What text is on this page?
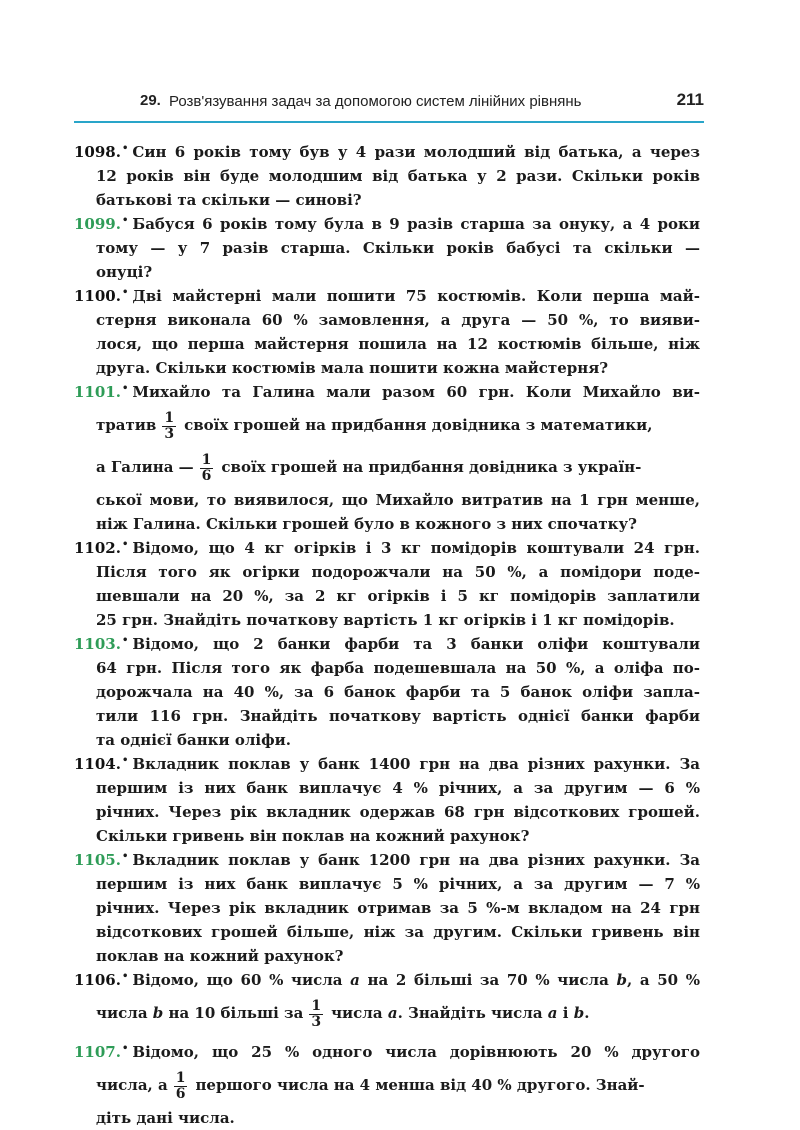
29. Розв'язування задач за допомогою систем лінійних рівнянь	211
1098.• Син 6 років тому був у 4 рази молодший від батька, а через
12 років він буде молодшим від батька у 2 рази. Скільки років
батькові та скільки — синові?
1099.• Бабуся 6 років тому була в 9 разів старша за онуку, а 4 роки
тому — у 7 разів старша. Скільки років бабусі та скільки —
онуці?
1100.• Дві майстерні мали пошити 75 костюмів. Коли перша май-
стерня виконала 60 % замовлення, а друга — 50 %, то вияви-
лося, що перша майстерня пошила на 12 костюмів більше, ніж
друга. Скільки костюмів мала пошити кожна майстерня?
1101.• Михайло та Галина мали разом 60 грн. Коли Михайло ви-
тратив $\frac{1}{3}$ своїх грошей на придбання довідника з математики,
а Галина — $\frac{1}{6}$ своїх грошей на придбання довідника з україн-
ської мови, то виявилося, що Михайло витратив на 1 грн менше,
ніж Галина. Скільки грошей було в кожного з них спочатку?
1102.• Відомо, що 4 кг огірків і 3 кг помідорів коштували 24 грн.
Після того як огірки подорожчали на 50 %, а помідори поде-
шевшали на 20 %, за 2 кг огірків і 5 кг помідорів заплатили
25 грн. Знайдіть початкову вартість 1 кг огірків і 1 кг помідорів.
1103.• Відомо, що 2 банки фарби та 3 банки оліфи коштували
64 грн. Після того як фарба подешевшала на 50 %, а оліфа по-
дорожчала на 40 %, за 6 банок фарби та 5 банок оліфи запла-
тили 116 грн. Знайдіть початкову вартість однієї банки фарби
та однієї банки оліфи.
1104.• Вкладник поклав у банк 1400 грн на два різних рахунки. За
першим із них банк виплачує 4 % річних, а за другим — 6 %
річних. Через рік вкладник одержав 68 грн відсоткових грошей.
Скільки гривень він поклав на кожний рахунок?
1105.• Вкладник поклав у банк 1200 грн на два різних рахунки. За
першим із них банк виплачує 5 % річних, а за другим — 7 %
річних. Через рік вкладник отримав за 5 %-м вкладом на 24 грн
відсоткових грошей більше, ніж за другим. Скільки гривень він
поклав на кожний рахунок?
1106.• Відомо, що 60 % числа a на 2 більші за 70 % числа b, а 50 %
числа b на 10 більші за $\frac{1}{3}$ числа a. Знайдіть числа a і b.
1107.• Відомо, що 25 % одного числа дорівнюють 20 % другого
числа, а $\frac{1}{6}$ першого числа на 4 менша від 40 % другого. Знай-
діть дані числа.
